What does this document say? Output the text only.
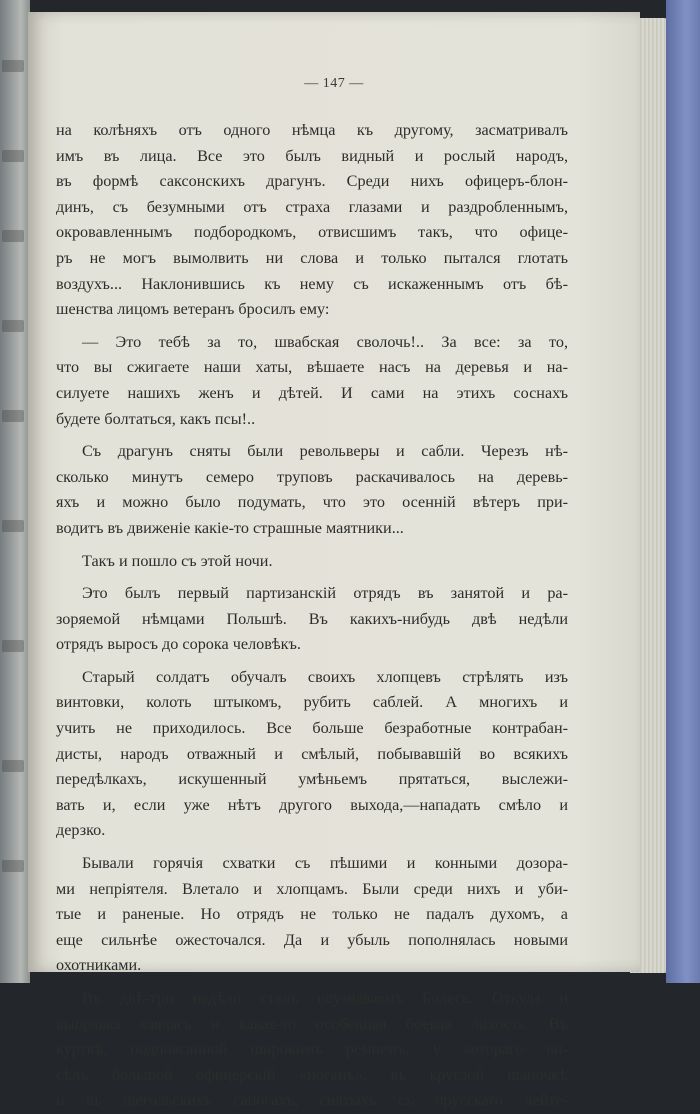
— 147 —
на колѣняхъ отъ одного нѣмца къ другому, засматривалъ
имъ въ лица. Все это былъ видный и рослый народъ,
въ формѣ саксонскихъ драгунъ. Среди нихъ офицеръ-блон-
динъ, съ безумными отъ страха глазами и раздробленнымъ,
окровавленнымъ подбородкомъ, отвисшимъ такъ, что офице-
ръ не могъ вымолвить ни слова и только пытался глотать
воздухъ... Наклонившись къ нему съ искаженнымъ отъ бѣ-
шенства лицомъ ветеранъ бросилъ ему:
— Это тебѣ за то, швабская сволочь!.. За все: за то,
что вы сжигаете наши хаты, вѣшаете насъ на деревья и на-
силуете нашихъ женъ и дѣтей. И сами на этихъ соснахъ
будете болтаться, какъ псы!..
Съ драгунъ сняты были револьверы и сабли. Черезъ нѣ-
сколько минутъ семеро труповъ раскачивалось на деревь-
яхъ и можно было подумать, что это осенній вѣтеръ при-
водитъ въ движеніе какіе-то страшные маятники...
Такъ и пошло съ этой ночи.
Это былъ первый партизанскій отрядъ въ занятой и ра-
зоряемой нѣмцами Польшѣ. Въ какихъ-нибудь двѣ недѣли
отрядъ выросъ до сорока человѣкъ.
Старый солдатъ обучалъ своихъ хлопцевъ стрѣлять изъ
винтовки, колоть штыкомъ, рубить саблей. А многихъ и
учить не приходилось. Все больше безработные контрабан-
дисты, народъ отважный и смѣлый, побывавшій во всякихъ
передѣлкахъ, искушенный умѣньемъ прятаться, выслежи-
вать и, если уже нѣтъ другого выхода,—нападать смѣло и
дерзко.
Бывали горячія схватки съ пѣшими и конными дозора-
ми непріятеля. Влетало и хлопцамъ. Были среди нихъ и уби-
тые и раненые. Но отрядъ не только не падалъ духомъ, а
еще сильнѣе ожесточался. Да и убыль пополнялась новыми
охотниками.
Въ двѣ-три недѣли сталъ неузнаваемъ Болесь. Откуда и
выправка взялась и какая-то особенная боевая лихость. Въ
курткѣ, подпоясанной широкимъ ремнемъ, у котораго ви-
сѣлъ большой офицерскій «ноганъ», въ круглой шапочкѣ
и въ щегольскихъ сапогахъ, снятыхъ съ прусскаго лейте-
